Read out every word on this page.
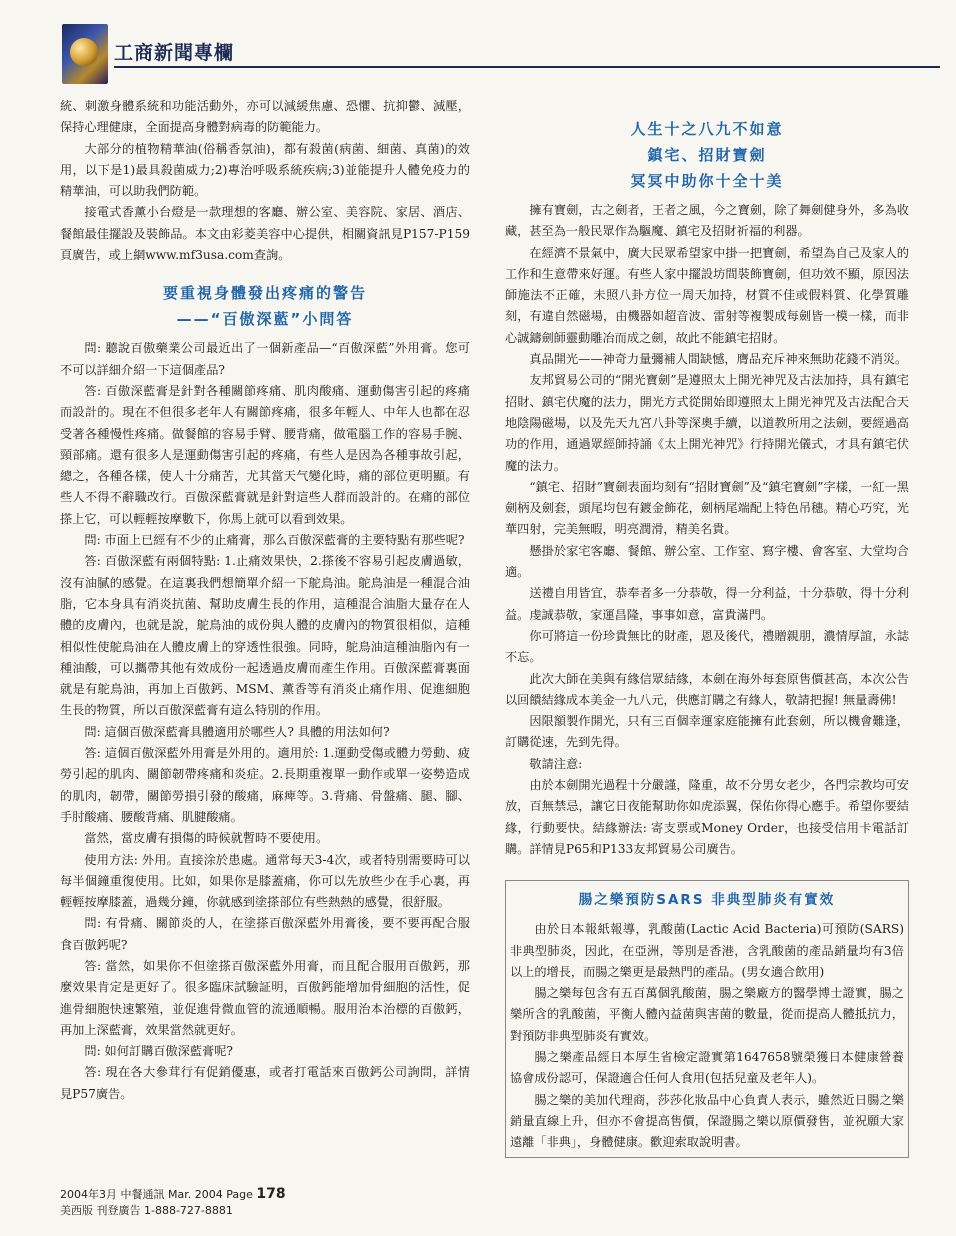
工商新聞專欄

統、刺激身體系統和功能活動外，亦可以減緩焦慮、恐懼、抗抑鬱、減壓，保持心理健康，全面提高身體對病毒的防範能力。

大部分的植物精華油(俗稱香氛油)，都有殺菌(病菌、細菌、真菌)的效用，以下是1)最具殺菌威力;2)專治呼吸系統疾病;3)並能提升人體免疫力的精華油，可以助我們防範。

接電式香薰小台燈是一款理想的客廳、辦公室、美容院、家居、酒店、餐館最佳擺設及裝飾品。本文由彩菱美容中心提供，相關資訊見P157-P159頁廣告，或上網www.mf3usa.com查詢。

要重視身體發出疼痛的警告

——“百傲深藍”小問答

問: 聽說百傲藥業公司最近出了一個新產品—“百傲深藍”外用膏。您可不可以詳細介紹一下這個產品?

答: 百傲深藍膏是針對各種關節疼痛、肌肉酸痛、運動傷害引起的疼痛而設計的。現在不但很多老年人有關節疼痛，很多年輕人、中年人也都在忍受著各種慢性疼痛。做餐館的容易手臂、腰背痛，做電腦工作的容易手腕、頸部痛。還有很多人是運動傷害引起的疼痛，有些人是因為各種事故引起，總之，各種各樣，使人十分痛苦，尤其當天气變化時，痛的部位更明顯。有些人不得不辭職改行。百傲深藍膏就是針對這些人群而設計的。在痛的部位搽上它，可以輕輕按摩數下，你馬上就可以看到效果。

問: 市面上已經有不少的止痛膏，那么百傲深藍膏的主要特點有那些呢?

答: 百傲深藍有兩個特點: 1.止痛效果快，2.搽後不容易引起皮膚過敏，沒有油膩的感覺。在這裏我們想簡單介紹一下鴕鳥油。鴕鳥油是一種混合油脂，它本身具有消炎抗菌、幫助皮膚生長的作用，這種混合油脂大量存在人體的皮膚內，也就是說，鴕鳥油的成份與人體的皮膚內的物質很相似，這種相似性使鴕鳥油在人體皮膚上的穿透性很強。同時，鴕鳥油這種油脂內有一種油酸，可以攜帶其他有效成份一起透過皮膚而產生作用。百傲深藍膏裏面就是有鴕鳥油，再加上百傲鈣、MSM、薰香等有消炎止痛作用、促進細胞生長的物質，所以百傲深藍膏有這么特別的作用。

問: 這個百傲深藍膏具體適用於哪些人? 具體的用法如何?

答: 這個百傲深藍外用膏是外用的。適用於: 1.運動受傷或體力勞動、疲勞引起的肌肉、關節韌帶疼痛和炎症。2.長期重複單一動作或單一姿勢造成的肌肉，韌帶，關節勞損引發的酸痛，麻痺等。3.背痛、骨盤痛、腿、腳、手肘酸痛、腰酸背痛、肌腱酸痛。

當然，當皮膚有損傷的時候就暫時不要使用。

使用方法: 外用。直接涂於患處。通常每天3-4次，或者特別需要時可以每半個鐘重復使用。比如，如果你是膝蓋痛，你可以先放些少在手心裏，再輕輕按摩膝蓋，過幾分鐘，你就感到塗搽部位有些熱熱的感覺，很舒服。

問: 有骨痛、關節炎的人，在塗搽百傲深藍外用膏後，要不要再配合服食百傲鈣呢?

答: 當然，如果你不但塗搽百傲深藍外用膏，而且配合服用百傲鈣，那麼效果肯定是更好了。很多臨床試驗証明，百傲鈣能增加骨細胞的活性，促進骨細胞快速繁殖，並促進骨微血管的流通順暢。服用治本治標的百傲鈣，再加上深藍膏，效果當然就更好。

問: 如何訂購百傲深藍膏呢?

答: 現在各大參茸行有促銷優惠，或者打電話來百傲鈣公司詢問，詳情見P57廣告。

人生十之八九不如意

鎮宅、招財寶劍

冥冥中助你十全十美

擁有寶劍，古之劍者，王者之風，今之寶劍，除了舞劍健身外，多為收藏，甚至為一般民眾作為驅魔、鎮宅及招財祈福的利器。

在經濟不景氣中，廣大民眾希望家中掛一把寶劍，希望為自己及家人的工作和生意帶來好運。有些人家中擺設坊間裝飾寶劍，但功效不顯，原因法師施法不正確，未照八卦方位一周天加持，材質不佳或假料質、化學質雕刻，有違自然磁場，由機器如超音波、雷射等複製成每劍皆一模一樣，而非心誠鑄劍師靈動雕冶而成之劍，故此不能鎮宅招財。

真品開光——神奇力量彌補人間缺憾，膺品充斥神來無助花錢不消災。

友邦貿易公司的“開光寶劍”是遵照太上開光神咒及古法加持，具有鎮宅招財、鎮宅伏魔的法力，開光方式從開始即遵照太上開光神咒及古法配合天地陰陽磁場，以及先天九宮八卦等深奧手續，以道教所用之法劍，要經過高功的作用，通過眾經師持誦《太上開光神咒》行持開光儀式，才具有鎮宅伏魔的法力。

“鎮宅、招財”寶劍表面均刻有“招財寶劍”及“鎮宅寶劍”字樣，一紅一黑劍柄及劍套，頭尾均包有鍍金飾花，劍柄尾端配上特色吊穗。精心巧究，光華四射，完美無暇，明亮潤滑，精美名貴。

懸掛於家宅客廳、餐館、辦公室、工作室、寫字樓、會客室、大堂均合適。

送禮自用皆宜，恭奉者多一分恭敬，得一分利益，十分恭敬，得十分利益。虔誠恭敬，家運昌隆，事事如意，富貴滿門。

你可將這一份珍貴無比的財產，恩及後代，禮贈親朋，濃情厚誼，永誌不忘。

此次大師在美與有緣信眾結緣，本劍在海外每套原售價甚高，本次公告以回饋結緣成本美金一九八元，供應訂購之有緣人，敬請把握! 無量壽佛!

因限額製作開光，只有三百個幸運家庭能擁有此套劍，所以機會難逢，訂購從速，先到先得。

敬請注意:

由於本劍開光過程十分嚴謹，隆重，故不分男女老少，各門宗教均可安放，百無禁忌，讓它日夜能幫助你如虎添翼，保佑你得心應手。希望你要結緣，行動要快。結緣辦法: 寄支票或Money Order，也接受信用卡電話訂購。詳情見P65和P133友邦貿易公司廣告。

腸之樂預防SARS 非典型肺炎有實效

由於日本報紙報導，乳酸菌(Lactic Acid Bacteria)可預防(SARS)非典型肺炎，因此，在亞洲，等別是香港，含乳酸菌的產品銷量均有3倍以上的增長，而腸之樂更是最熱門的產品。(男女適合飲用)

腸之樂每包含有五百萬個乳酸菌，腸之樂廠方的醫學博士證實，腸之樂所含的乳酸菌，平衡人體內益菌與害菌的數量，從而提高人體抵抗力，對預防非典型肺炎有實效。

腸之樂產品經日本厚生省檢定證實第1647658號榮獲日本健康營養協會成份認可，保證適合任何人食用(包括兒童及老年人)。

腸之樂的美加代理商，莎莎化妝品中心負責人表示，雖然近日腸之樂銷量直線上升，但亦不會提高售價，保證腸之樂以原價發售，並祝願大家遠離「非典」，身體健康。歡迎索取說明書。

2004年3月 中餐通訊 Mar. 2004 Page 178
美西版 刊登廣告 1-888-727-8881
